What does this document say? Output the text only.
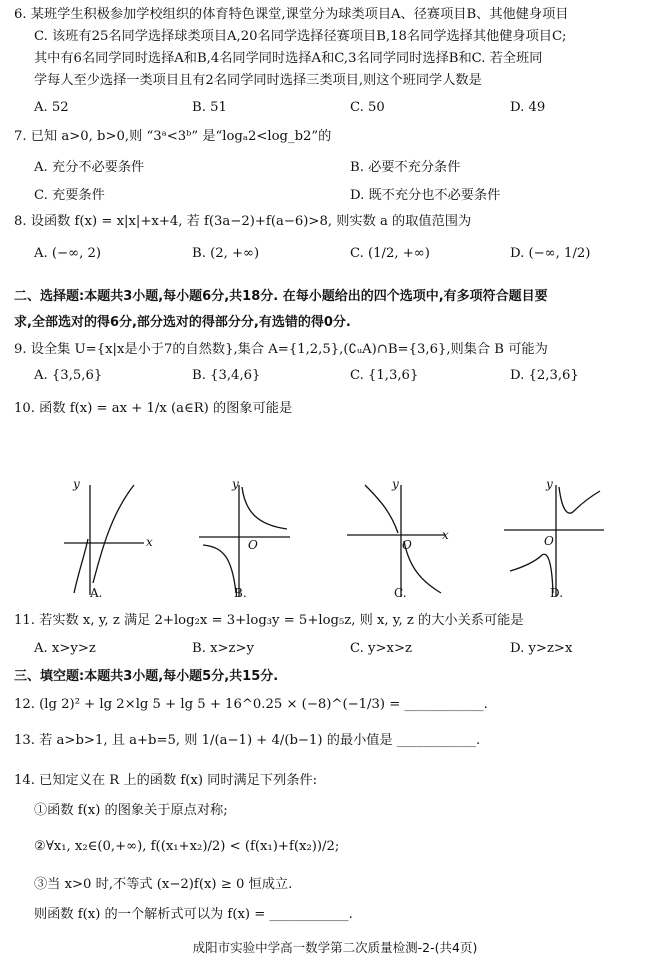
6. 某班学生积极参加学校组织的体育特色课堂,课堂分为球类项目A、径赛项目B、其他健身项目
C. 该班有25名同学选择球类项目A,20名同学选择径赛项目B,18名同学选择其他健身项目C;
其中有6名同学同时选择A和B,4名同学同时选择A和C,3名同学同时选择B和C. 若全班同
学每人至少选择一类项目且有2名同学同时选择三类项目,则这个班同学人数是
A. 52	B. 51	C. 50	D. 49
7. 已知 a>0, b>0,则 “3ᵃ<3ᵇ” 是“logₐ2<log_b2”的
A. 充分不必要条件	B. 必要不充分条件
C. 充要条件	D. 既不充分也不必要条件
8. 设函数 f(x) = x|x|+x+4, 若 f(3a−2)+f(a−6)>8, 则实数 a 的取值范围为
A. (−∞, 2)	B. (2, +∞)	C. (1/2, +∞)	D. (−∞, 1/2)
二、选择题:本题共3小题,每小题6分,共18分. 在每小题给出的四个选项中,有多项符合题目要
求,全部选对的得6分,部分选对的得部分分,有选错的得0分.
9. 设全集 U={x|x是小于7的自然数},集合 A={1,2,5},(∁ᵤA)∩B={3,6},则集合 B 可能为
A. {3,5,6}	B. {3,4,6}	C. {1,3,6}	D. {2,3,6}
10. 函数 f(x) = ax + 1/x (a∈R) 的图象可能是
y
x
A.
y
O
B.
y
O
x
C.
y
O
D.
11. 若实数 x, y, z 满足 2+log₂x = 3+log₃y = 5+log₅z, 则 x, y, z 的大小关系可能是
A. x>y>z	B. x>z>y	C. y>x>z	D. y>z>x
三、填空题:本题共3小题,每小题5分,共15分.
12. (lg 2)² + lg 2×lg 5 + lg 5 + 16^0.25 × (−8)^(−1/3) = ____________.
13. 若 a>b>1, 且 a+b=5, 则 1/(a−1) + 4/(b−1) 的最小值是 ____________.
14. 已知定义在 R 上的函数 f(x) 同时满足下列条件:
①函数 f(x) 的图象关于原点对称;
②∀x₁, x₂∈(0,+∞), f((x₁+x₂)/2) < (f(x₁)+f(x₂))/2;
③当 x>0 时,不等式 (x−2)f(x) ≥ 0 恒成立.
则函数 f(x) 的一个解析式可以为 f(x) = ____________.
成阳市实验中学高一数学第二次质量检测-2-(共4页)
